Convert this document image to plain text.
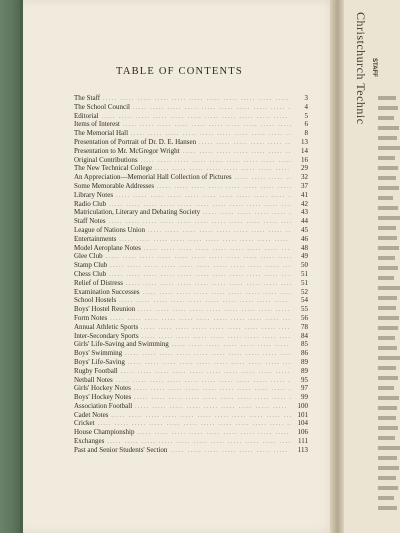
Christchurch Technic STAFF
TABLE OF CONTENTS
The Staff .....	3
The School Council .....	4
Editorial .....	5
Items of Interest .....	6
The Memorial Hall .....	8
Presentation of Portrait of Dr. D. E. Hansen .....	13
Presentation to Mr. McGregor Wright .....	14
Original Contributions .....	16
The New Technical College .....	29
An Appreciation—Memorial Hall Collection of Pictures .....	32
Some Memorable Addresses .....	37
Library Notes .....	41
Radio Club .....	42
Matriculation, Literary and Debating Society .....	43
Staff Notes .....	44
League of Nations Union .....	45
Entertainments .....	46
Model Aeroplane Notes .....	48
Glee Club .....	49
Stamp Club .....	50
Chess Club .....	51
Relief of Distress .....	51
Examination Successes .....	52
School Hostels .....	54
Boys' Hostel Reunion .....	55
Form Notes .....	56
Annual Athletic Sports .....	78
Inter-Secondary Sports .....	84
Girls' Life-Saving and Swimming .....	85
Boys' Swimming .....	86
Boys' Life-Saving .....	89
Rugby Football .....	89
Netball Notes .....	95
Girls' Hockey Notes .....	97
Boys' Hockey Notes .....	99
Association Football .....	100
Cadet Notes .....	101
Cricket .....	104
House Championship .....	106
Exchanges .....	111
Past and Senior Students' Section .....	113
